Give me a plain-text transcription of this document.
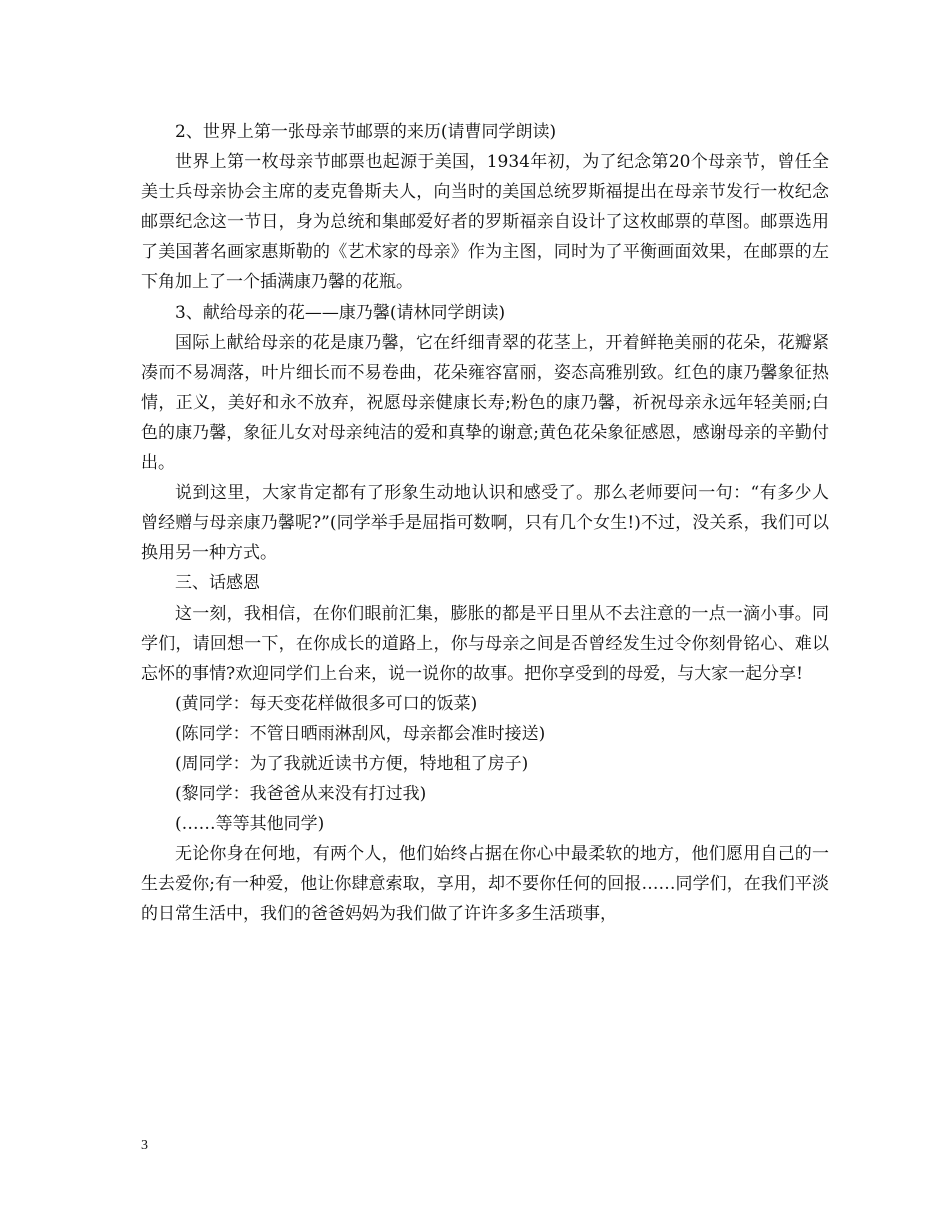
2、世界上第一张母亲节邮票的来历(请曹同学朗读)

世界上第一枚母亲节邮票也起源于美国，1934年初，为了纪念第20个母亲节，曾任全美士兵母亲协会主席的麦克鲁斯夫人，向当时的美国总统罗斯福提出在母亲节发行一枚纪念邮票纪念这一节日，身为总统和集邮爱好者的罗斯福亲自设计了这枚邮票的草图。邮票选用了美国著名画家惠斯勒的《艺术家的母亲》作为主图，同时为了平衡画面效果，在邮票的左下角加上了一个插满康乃馨的花瓶。

3、献给母亲的花——康乃馨(请林同学朗读)

国际上献给母亲的花是康乃馨，它在纤细青翠的花茎上，开着鲜艳美丽的花朵，花瓣紧凑而不易凋落，叶片细长而不易卷曲，花朵雍容富丽，姿态高雅别致。红色的康乃馨象征热情，正义，美好和永不放弃，祝愿母亲健康长寿;粉色的康乃馨，祈祝母亲永远年轻美丽;白色的康乃馨，象征儿女对母亲纯洁的爱和真挚的谢意;黄色花朵象征感恩，感谢母亲的辛勤付出。

说到这里，大家肯定都有了形象生动地认识和感受了。那么老师要问一句：“有多少人曾经赠与母亲康乃馨呢?”(同学举手是屈指可数啊，只有几个女生!)不过，没关系，我们可以换用另一种方式。

三、话感恩

这一刻，我相信，在你们眼前汇集，膨胀的都是平日里从不去注意的一点一滴小事。同学们，请回想一下，在你成长的道路上，你与母亲之间是否曾经发生过令你刻骨铭心、难以忘怀的事情?欢迎同学们上台来，说一说你的故事。把你享受到的母爱，与大家一起分享!

(黄同学：每天变花样做很多可口的饭菜)

(陈同学：不管日晒雨淋刮风，母亲都会准时接送)

(周同学：为了我就近读书方便，特地租了房子)

(黎同学：我爸爸从来没有打过我)

(……等等其他同学)

无论你身在何地，有两个人，他们始终占据在你心中最柔软的地方，他们愿用自己的一生去爱你;有一种爱，他让你肆意索取，享用，却不要你任何的回报……同学们，在我们平淡的日常生活中，我们的爸爸妈妈为我们做了许许多多生活琐事，

3
